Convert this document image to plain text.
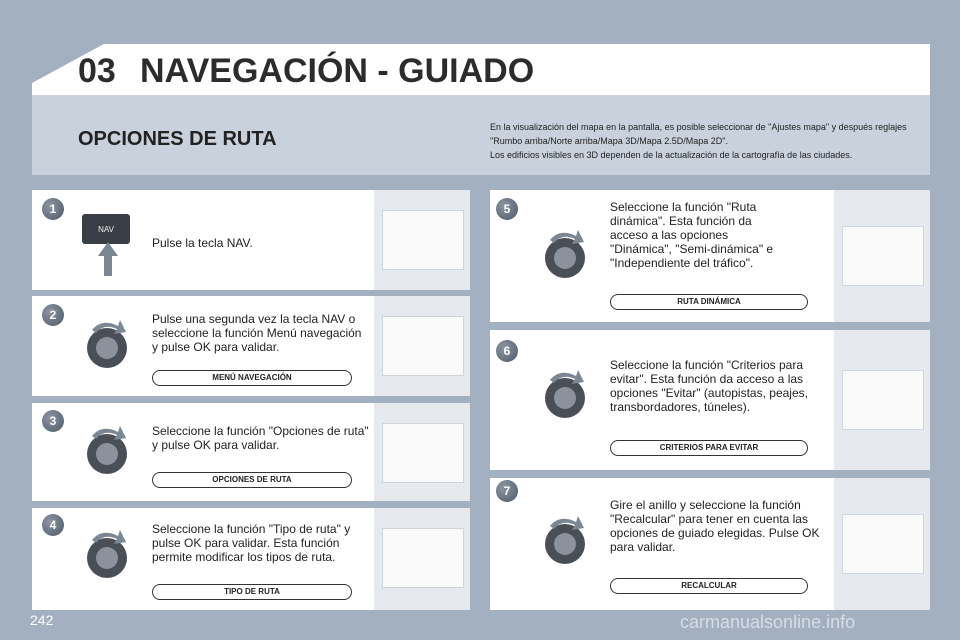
03 NAVEGACIÓN - GUIADO
OPCIONES DE RUTA
En la visualización del mapa en la pantalla, es posible seleccionar de "Ajustes mapa" y después reglajes "Rumbo arriba/Norte arriba/Mapa 3D/Mapa 2.5D/Mapa 2D".
Los edificios visibles en 3D dependen de la actualización de la cartografía de las ciudades.
1
NAV
Pulse la tecla NAV.
2	Pulse una segunda vez la tecla NAV o seleccione la función Menú navegación y pulse OK para validar.
MENÚ NAVEGACIÓN
3
Seleccione la función "Opciones de ruta" y pulse OK para validar.
OPCIONES DE RUTA
4	Seleccione la función "Tipo de ruta" y pulse OK para validar. Esta función permite modificar los tipos de ruta.
TIPO DE RUTA
5	Seleccione la función "Ruta dinámica". Esta función da acceso a las opciones "Dinámica", "Semi-dinámica" e "Independiente del tráfico".
RUTA DINÁMICA
6
Seleccione la función "Criterios para evitar". Esta función da acceso a las opciones "Evitar" (autopistas, peajes, transbordadores, túneles).
CRITERIOS PARA EVITAR
7
Gire el anillo y seleccione la función "Recalcular" para tener en cuenta las opciones de guiado elegidas. Pulse OK para validar.
RECALCULAR
242	carmanualsonline.info
